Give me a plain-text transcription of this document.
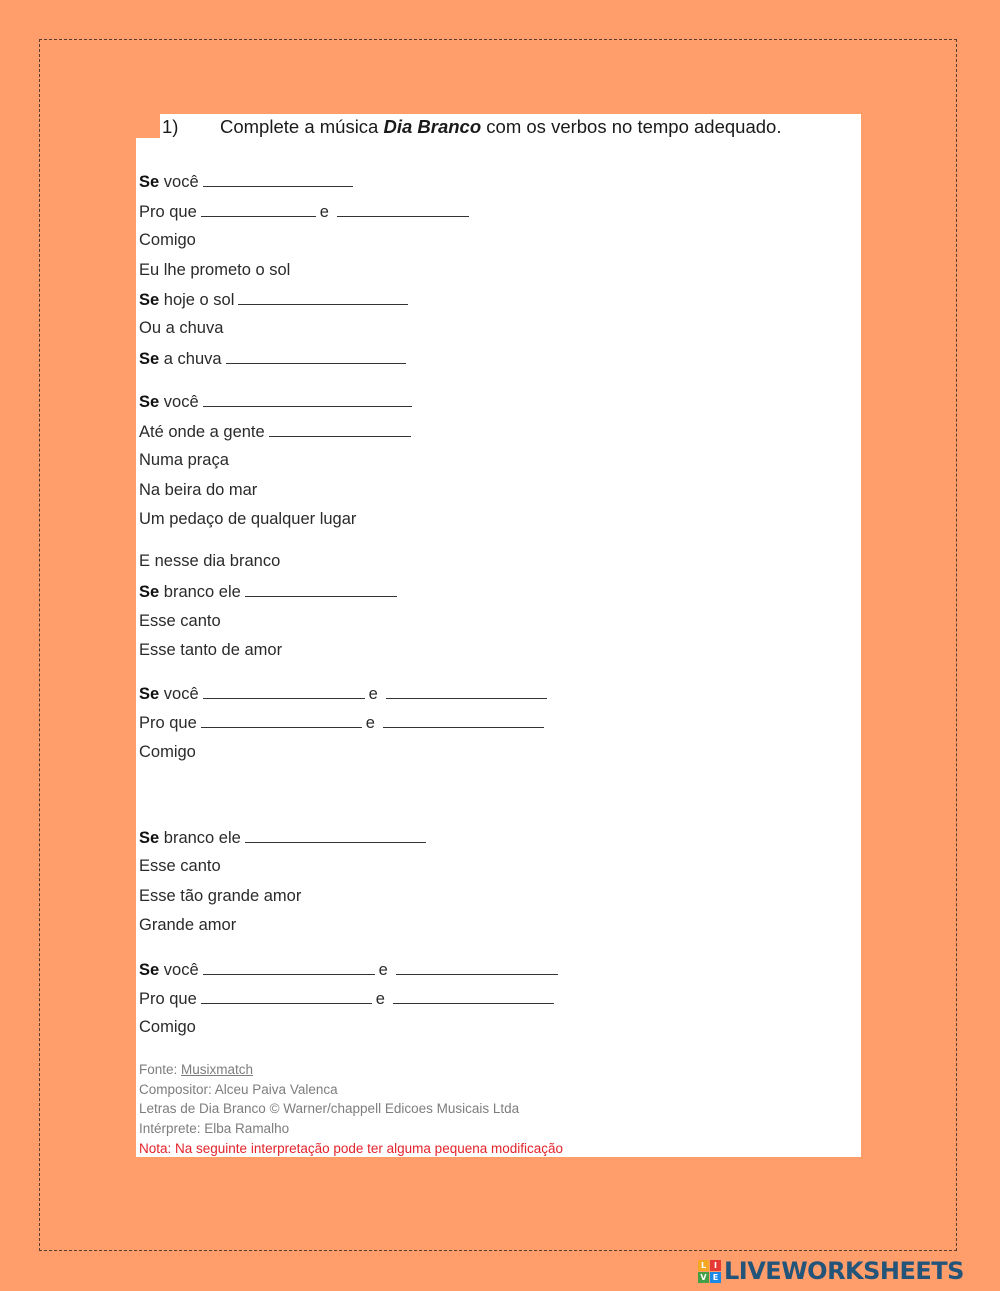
1) Complete a música Dia Branco com os verbos no tempo adequado.
Se você
Pro que	e
Comigo
Eu lhe prometo o sol
Se hoje o sol
Ou a chuva
Se a chuva
Se você
Até onde a gente
Numa praça
Na beira do mar
Um pedaço de qualquer lugar
E nesse dia branco
Se branco ele
Esse canto
Esse tanto de amor
Se você	e
Pro que	e
Comigo
Se branco ele
Esse canto
Esse tão grande amor
Grande amor
Se você	e
Pro que	e
Comigo
Fonte: Musixmatch
Compositor: Alceu Paiva Valenca
Letras de Dia Branco © Warner/chappell Edicoes Musicais Ltda
Intérprete: Elba Ramalho
Nota: Na seguinte interpretação pode ter alguma pequena modificação
L I
V E LIVEWORKSHEETS
